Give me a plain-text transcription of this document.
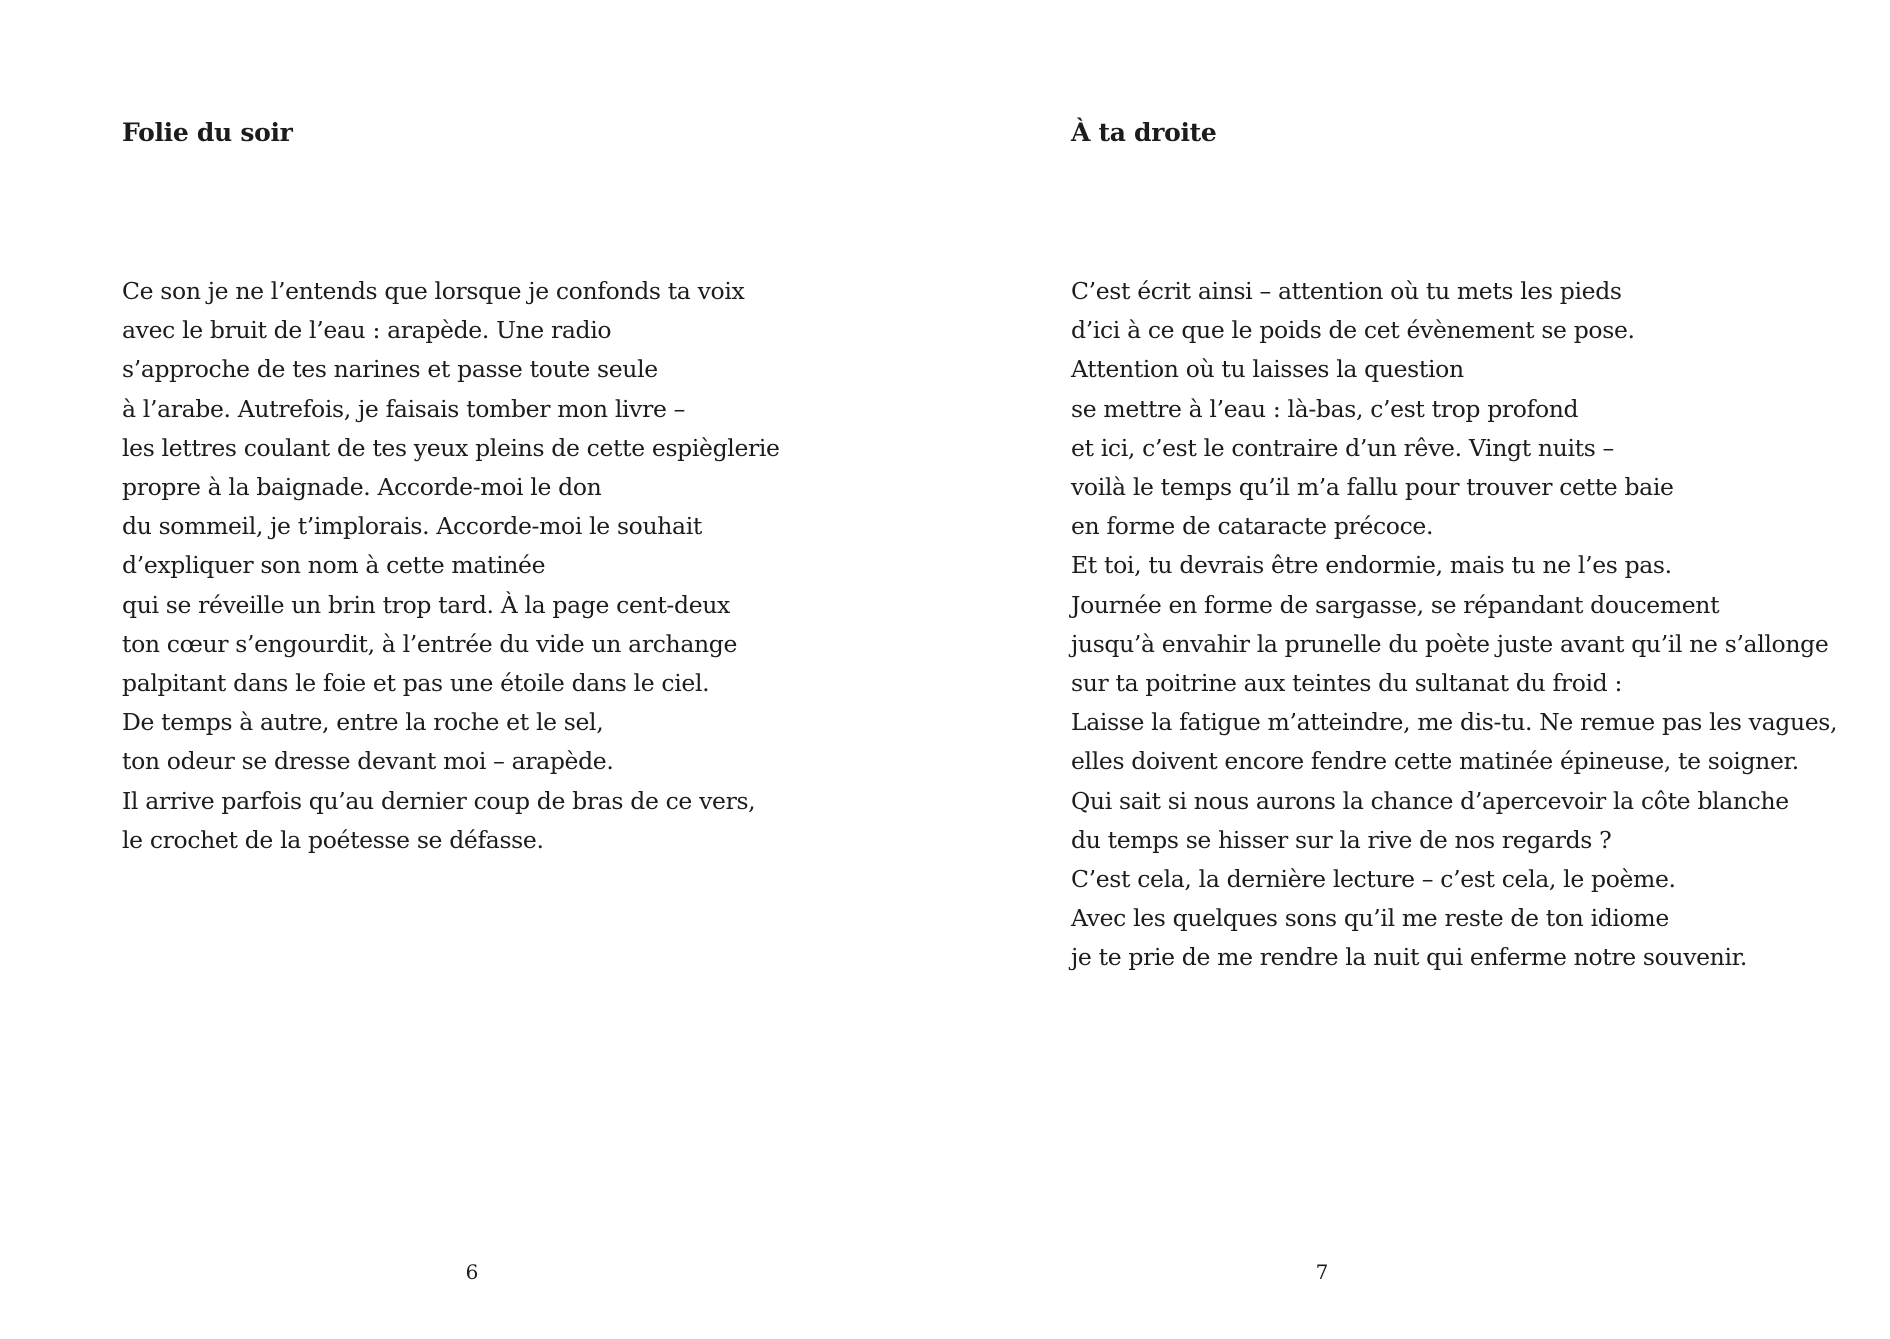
Folie du soir
Ce son je ne l’entends que lorsque je confonds ta voix
avec le bruit de l’eau : arapède. Une radio
s’approche de tes narines et passe toute seule
à l’arabe. Autrefois, je faisais tomber mon livre –
les lettres coulant de tes yeux pleins de cette espièglerie
propre à la baignade. Accorde-moi le don
du sommeil, je t’implorais. Accorde-moi le souhait
d’expliquer son nom à cette matinée
qui se réveille un brin trop tard. À la page cent-deux
ton cœur s’engourdit, à l’entrée du vide un archange
palpitant dans le foie et pas une étoile dans le ciel.
De temps à autre, entre la roche et le sel,
ton odeur se dresse devant moi – arapède.
Il arrive parfois qu’au dernier coup de bras de ce vers,
le crochet de la poétesse se défasse.
6
À ta droite
C’est écrit ainsi – attention où tu mets les pieds
d’ici à ce que le poids de cet évènement se pose.
Attention où tu laisses la question
se mettre à l’eau : là-bas, c’est trop profond
et ici, c’est le contraire d’un rêve. Vingt nuits –
voilà le temps qu’il m’a fallu pour trouver cette baie
en forme de cataracte précoce.
Et toi, tu devrais être endormie, mais tu ne l’es pas.
Journée en forme de sargasse, se répandant doucement
jusqu’à envahir la prunelle du poète juste avant qu’il ne s’allonge
sur ta poitrine aux teintes du sultanat du froid :
Laisse la fatigue m’atteindre, me dis-tu. Ne remue pas les vagues,
elles doivent encore fendre cette matinée épineuse, te soigner.
Qui sait si nous aurons la chance d’apercevoir la côte blanche
du temps se hisser sur la rive de nos regards ?
C’est cela, la dernière lecture – c’est cela, le poème.
Avec les quelques sons qu’il me reste de ton idiome
je te prie de me rendre la nuit qui enferme notre souvenir.
7
